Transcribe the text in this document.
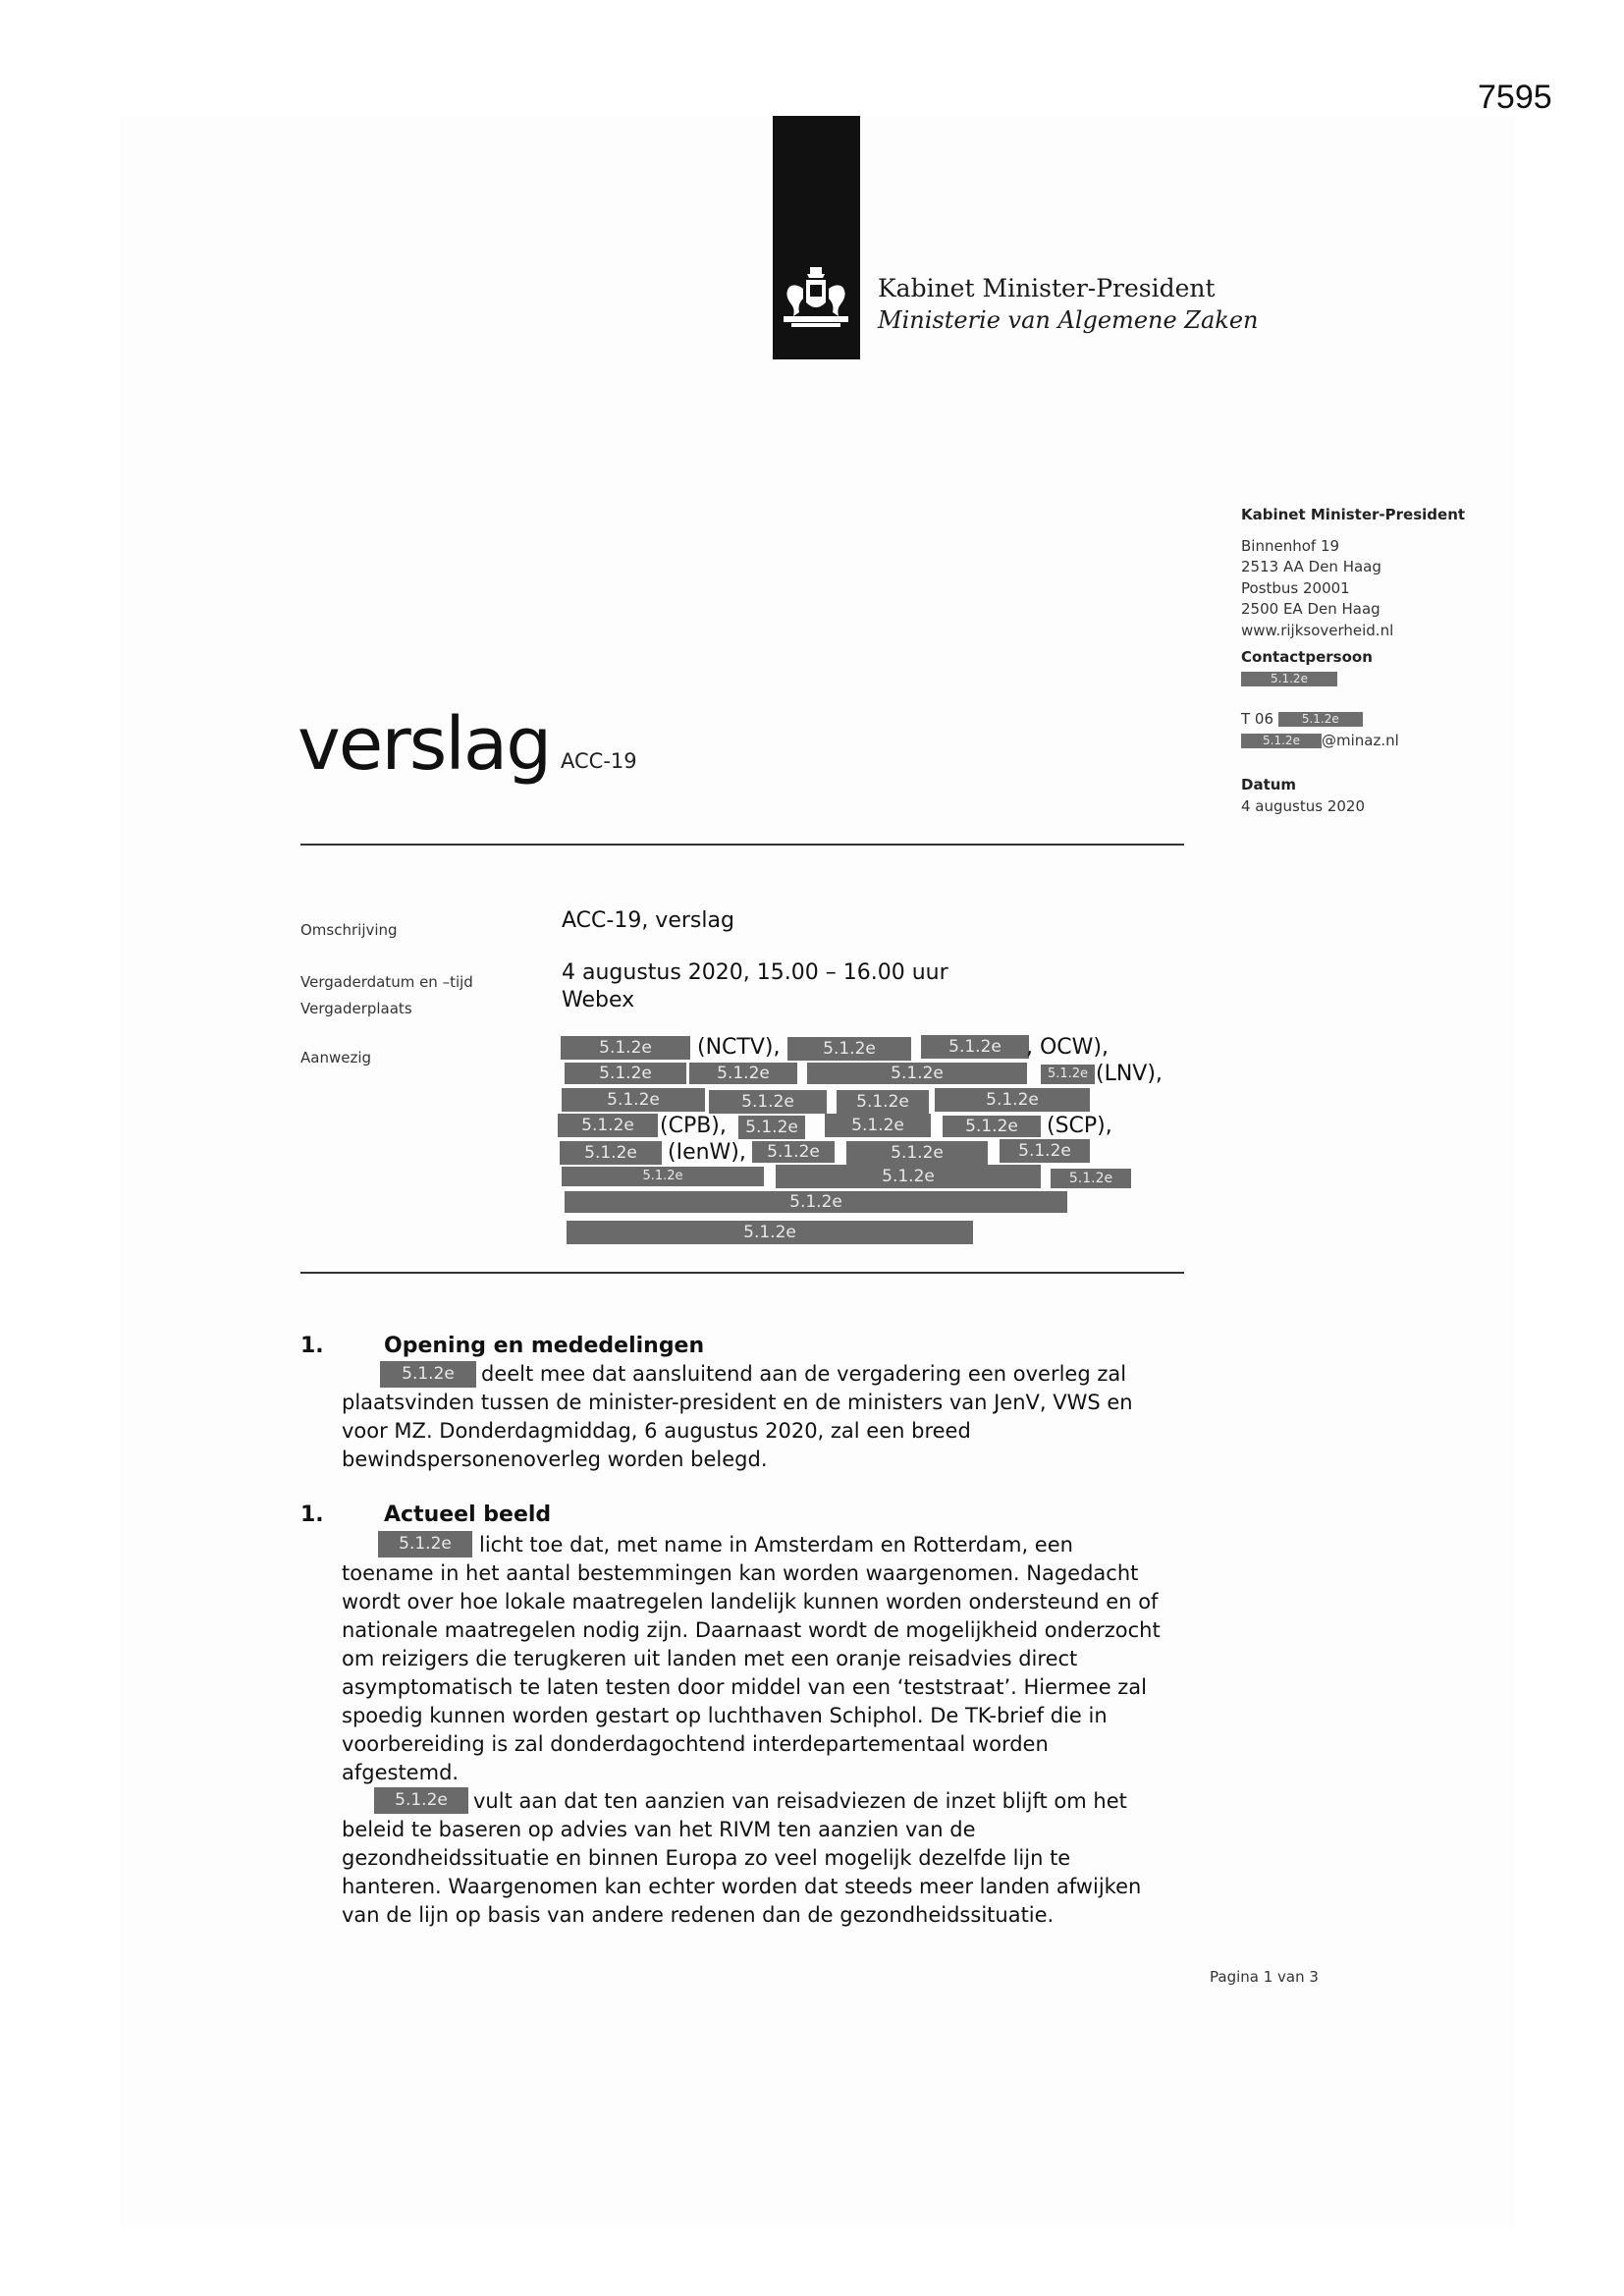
7595
Kabinet Minister-President
Ministerie van Algemene Zaken
Kabinet Minister-President
Binnenhof 19
2513 AA Den Haag
Postbus 20001
2500 EA Den Haag
www.rijksoverheid.nl
Contactpersoon
5.1.2e
T 06 5.1.2e
5.1.2e @minaz.nl
Datum
4 augustus 2020
verslag ACC-19
Omschrijving	ACC-19, verslag
Vergaderdatum en –tijd	4 augustus 2020, 15.00 – 16.00 uur
Vergaderplaats	Webex
Aanwezig	5.1.2e	(NCTV),	5.1.2e	5.1.2e	, OCW),
5.1.2e	5.1.2e	5.1.2e	5.1.2e (LNV),
5.1.2e	5.1.2e	5.1.2e	5.1.2e
5.1.2e	(CPB),	5.1.2e	5.1.2e	5.1.2e	(SCP),
5.1.2e	(IenW),	5.1.2e	5.1.2e	5.1.2e
5.1.2e	5.1.2e	5.1.2e
5.1.2e
5.1.2e
1.	Opening en mededelingen
5.1.2e	deelt mee dat aansluitend aan de vergadering een overleg zal
plaatsvinden tussen de minister-president en de ministers van JenV, VWS en
voor MZ. Donderdagmiddag, 6 augustus 2020, zal een breed
bewindspersonenoverleg worden belegd.
1.	Actueel beeld
5.1.2e	licht toe dat, met name in Amsterdam en Rotterdam, een
toename in het aantal bestemmingen kan worden waargenomen. Nagedacht
wordt over hoe lokale maatregelen landelijk kunnen worden ondersteund en of
nationale maatregelen nodig zijn. Daarnaast wordt de mogelijkheid onderzocht
om reizigers die terugkeren uit landen met een oranje reisadvies direct
asymptomatisch te laten testen door middel van een ‘teststraat’. Hiermee zal
spoedig kunnen worden gestart op luchthaven Schiphol. De TK-brief die in
voorbereiding is zal donderdagochtend interdepartementaal worden
afgestemd.
5.1.2e	vult aan dat ten aanzien van reisadviezen de inzet blijft om het
beleid te baseren op advies van het RIVM ten aanzien van de
gezondheidssituatie en binnen Europa zo veel mogelijk dezelfde lijn te
hanteren. Waargenomen kan echter worden dat steeds meer landen afwijken
van de lijn op basis van andere redenen dan de gezondheidssituatie.
Pagina 1 van 3
